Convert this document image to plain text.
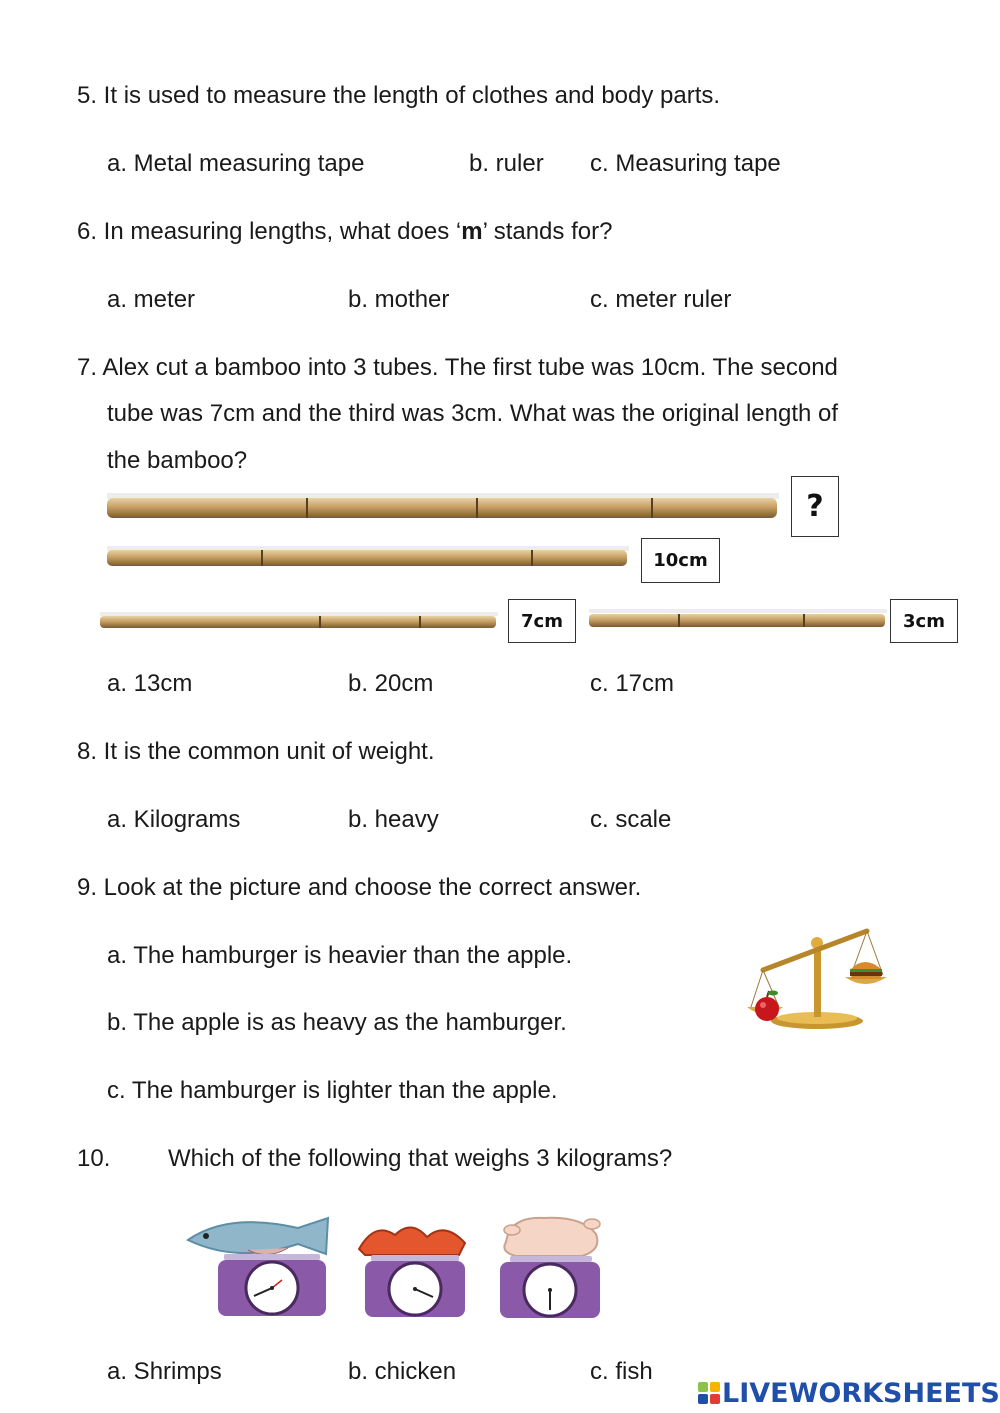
5. It is used to measure the length of clothes and body parts.
a. Metal measuring tape	b. ruler c. Measuring tape
6. In measuring lengths, what does ‘m’ stands for?
a. meter	b. mother	c. meter ruler
7. Alex cut a bamboo into 3 tubes. The first tube was 10cm. The second
tube was 7cm and the third was 3cm. What was the original length of
the bamboo?
?
10cm
7cm	3cm
a. 13cm	b. 20cm	c. 17cm
8. It is the common unit of weight.
a. Kilograms	b. heavy	c. scale
9. Look at the picture and choose the correct answer.
a. The hamburger is heavier than the apple.
b. The apple is as heavy as the hamburger.
c. The hamburger is lighter than the apple.
10. Which of the following that weighs 3 kilograms?
a. Shrimps	b. chicken	c. fish
LIVEWORKSHEETS
